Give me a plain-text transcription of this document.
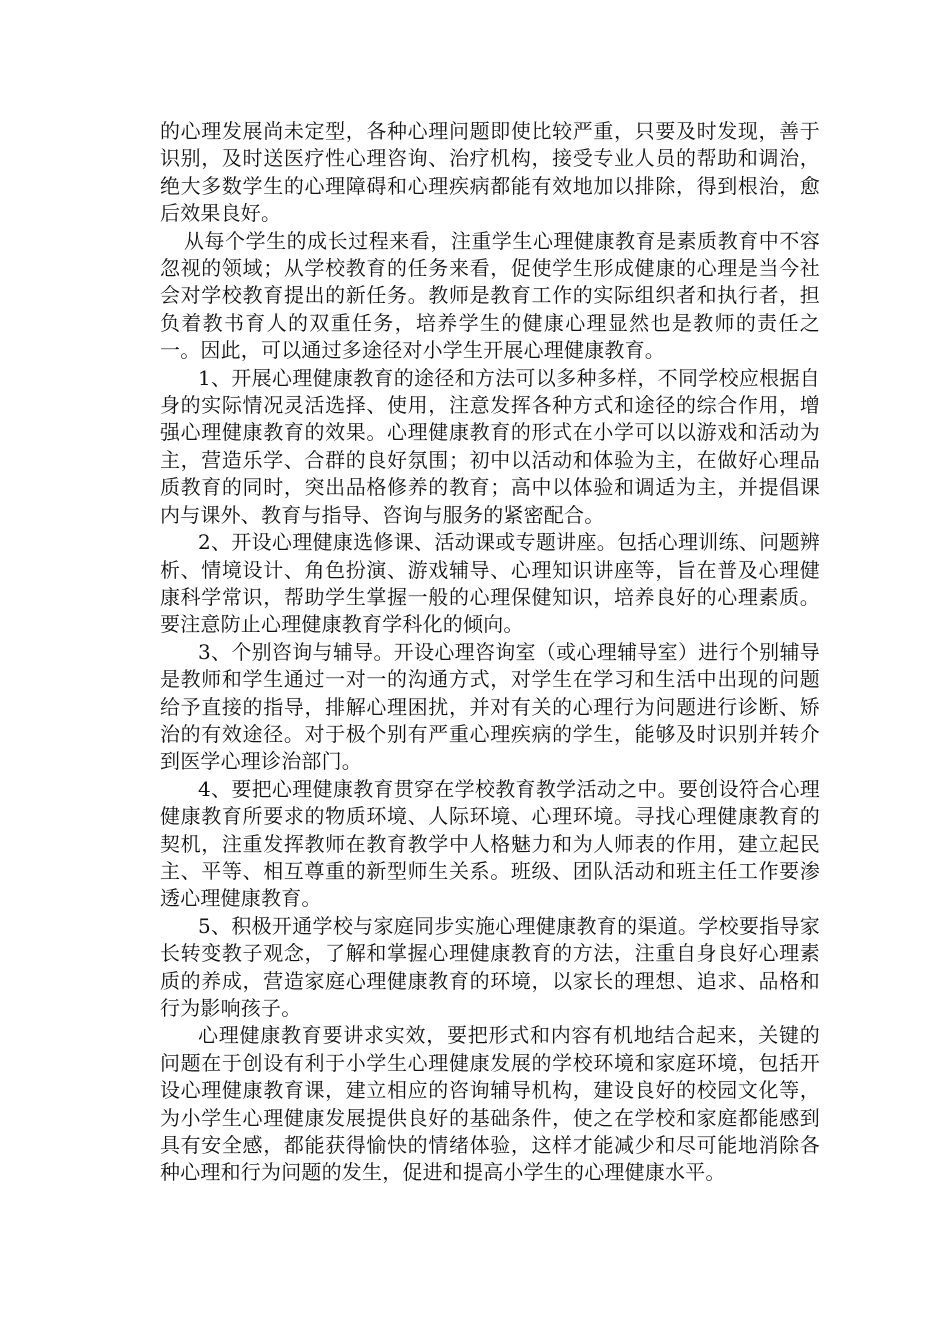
的心理发展尚未定型，各种心理问题即使比较严重，只要及时发现，善于识别，及时送医疗性心理咨询、治疗机构，接受专业人员的帮助和调治，绝大多数学生的心理障碍和心理疾病都能有效地加以排除，得到根治，愈后效果良好。

从每个学生的成长过程来看，注重学生心理健康教育是素质教育中不容忽视的领域；从学校教育的任务来看，促使学生形成健康的心理是当今社会对学校教育提出的新任务。教师是教育工作的实际组织者和执行者，担负着教书育人的双重任务，培养学生的健康心理显然也是教师的责任之一。因此，可以通过多途径对小学生开展心理健康教育。

1、开展心理健康教育的途径和方法可以多种多样，不同学校应根据自身的实际情况灵活选择、使用，注意发挥各种方式和途径的综合作用，增强心理健康教育的效果。心理健康教育的形式在小学可以以游戏和活动为主，营造乐学、合群的良好氛围；初中以活动和体验为主，在做好心理品质教育的同时，突出品格修养的教育；高中以体验和调适为主，并提倡课内与课外、教育与指导、咨询与服务的紧密配合。

2、开设心理健康选修课、活动课或专题讲座。包括心理训练、问题辨析、情境设计、角色扮演、游戏辅导、心理知识讲座等，旨在普及心理健康科学常识，帮助学生掌握一般的心理保健知识，培养良好的心理素质。要注意防止心理健康教育学科化的倾向。

3、个别咨询与辅导。开设心理咨询室（或心理辅导室）进行个别辅导是教师和学生通过一对一的沟通方式，对学生在学习和生活中出现的问题给予直接的指导，排解心理困扰，并对有关的心理行为问题进行诊断、矫治的有效途径。对于极个别有严重心理疾病的学生，能够及时识别并转介到医学心理诊治部门。

4、要把心理健康教育贯穿在学校教育教学活动之中。要创设符合心理健康教育所要求的物质环境、人际环境、心理环境。寻找心理健康教育的契机，注重发挥教师在教育教学中人格魅力和为人师表的作用，建立起民主、平等、相互尊重的新型师生关系。班级、团队活动和班主任工作要渗透心理健康教育。

5、积极开通学校与家庭同步实施心理健康教育的渠道。学校要指导家长转变教子观念，了解和掌握心理健康教育的方法，注重自身良好心理素质的养成，营造家庭心理健康教育的环境，以家长的理想、追求、品格和行为影响孩子。

心理健康教育要讲求实效，要把形式和内容有机地结合起来，关键的问题在于创设有利于小学生心理健康发展的学校环境和家庭环境，包括开设心理健康教育课，建立相应的咨询辅导机构，建设良好的校园文化等，为小学生心理健康发展提供良好的基础条件，使之在学校和家庭都能感到具有安全感，都能获得愉快的情绪体验，这样才能减少和尽可能地消除各种心理和行为问题的发生，促进和提高小学生的心理健康水平。
